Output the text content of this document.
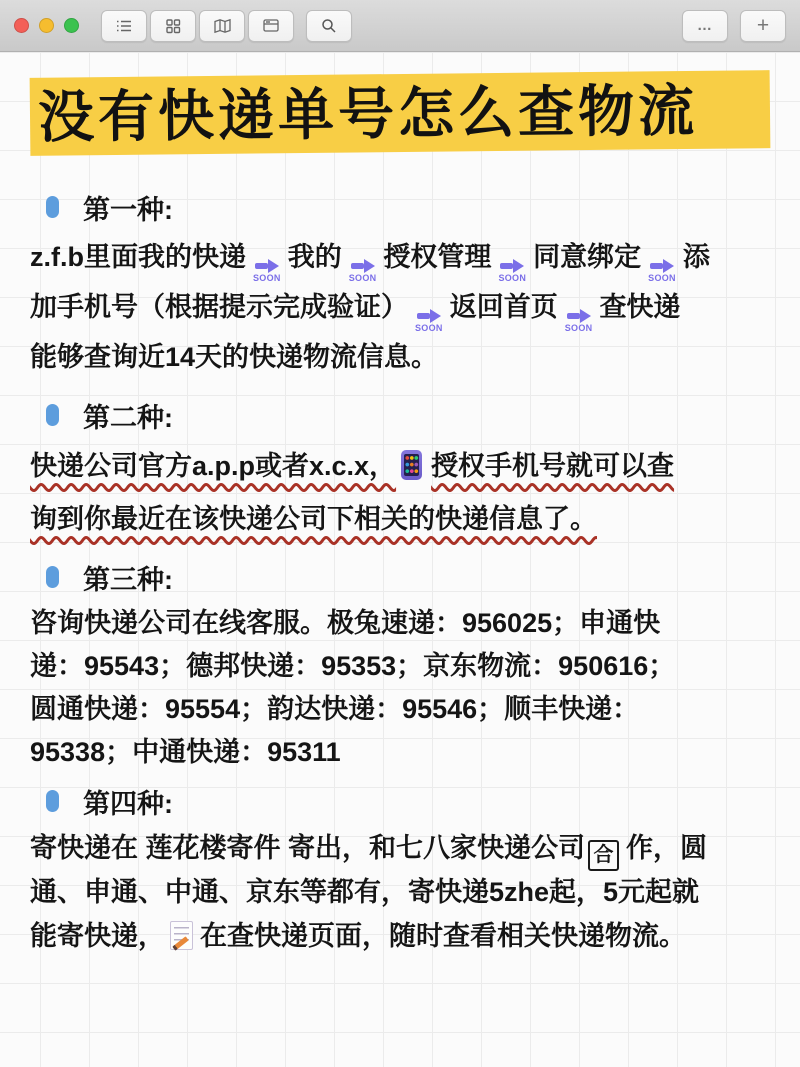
… +
没有快递单号怎么查物流
第一种:
z.f.b里面我的快递
SOON
我的
SOON
授权管理
SOON
同意绑定
SOON
添
加手机号（根据提示完成验证）
SOON
返回首页
SOON
查快递
能够查询近14天的快递物流信息。
第二种:
快递公司官方a.p.p或者x.c.x， 授权手机号就可以查
询到你最近在该快递公司下相关的快递信息了。
第三种:
咨询快递公司在线客服。极兔速递：956025；申通快
递：95543；德邦快递：95353；京东物流：950616；
圆通快递：95554；韵达快递：95546；顺丰快递：
95338；中通快递：95311
第四种:
寄快递在 莲花楼寄件 寄出，和七八家快递公司 合 作，圆
通、申通、中通、京东等都有，寄快递5zhe起，5元起就
能寄快递， 在查快递页面，随时查看相关快递物流。
